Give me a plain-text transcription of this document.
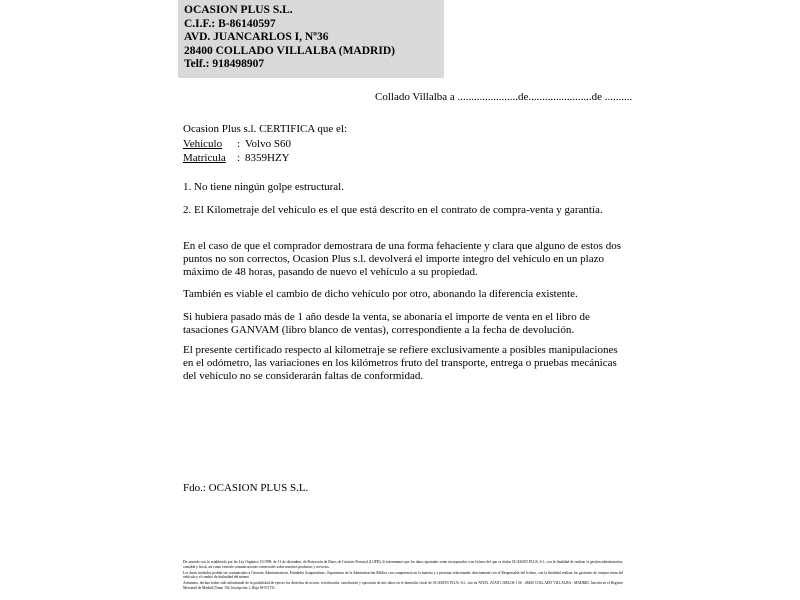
OCASION PLUS S.L.
C.I.F.: B-86140597
AVD. JUANCARLOS I, Nº36
28400 COLLADO VILLALBA (MADRID)
Telf.: 918498907
Collado Villalba a ......................de.......................de ..........
Ocasion Plus s.l. CERTIFICA que el:
Vehiculo : Volvo S60
Matricula : 8359HZY
1. No tiene ningún golpe estructural.
2. El Kilometraje del vehículo es el que está descrito en el contrato de compra-venta y garantía.
En el caso de que el comprador demostrara de una forma fehaciente y clara que alguno de estos dos puntos no son correctos, Ocasion Plus s.l. devolverá el importe integro del vehículo en un plazo máximo de 48 horas, pasando de nuevo el vehículo a su propiedad.
También es viable el cambio de dicho vehículo por otro, abonando la diferencia existente.
Si hubiera pasado más de 1 año desde la venta, se abonaría el importe de venta en el libro de tasaciones GANVAM (libro blanco de ventas), correspondiente a la fecha de devolución.
El presente certificado respecto al kilometraje se refiere exclusivamente a posibles manipulaciones en el odómetro, las variaciones en los kilómetros fruto del transporte, entrega o pruebas mecánicas del vehículo no se considerarán faltas de conformidad.
Fdo.: OCASION PLUS S.L.

De acuerdo con lo establecido por las Ley Orgánica 15/1999, de 13 de diciembre, de Protección de Datos de Carácter Personal (LOPD), le informamos que los datos aportados serán incorporados a un fichero del que es titular OCASION PLUS, S.L. con la finalidad de realizar la gestión administrativa, contable y fiscal, así como enviarle comunicaciones comerciales sobre nuestros productos y servicios.

Los datos incluidos podrán ser comunicados a Gestores Administrativos, Entidades Aseguradoras, Organismos de la Administración Pública con competencia en la materia y a personas relacionadas directamente con el Responsable del fichero, con la finalidad realizar los gestiones de compra venta del vehículo y el cambio de titularidad del mismo.

Asimismo, declaro haber sido informando de la posibilidad de ejercer los derechos de acceso, rectificación, cancelación y oposición de mis datos en el domicilio fiscal de OCASION PLUS, S.L. sito en AVDA. JUAN CARLOS I 36 - 28400 COLLADO VILLALBA - MADRID. Inscrita en el Registro Mercantil de Madrid (Tomo 156, Inscripción 1, Hoja M-511731.
